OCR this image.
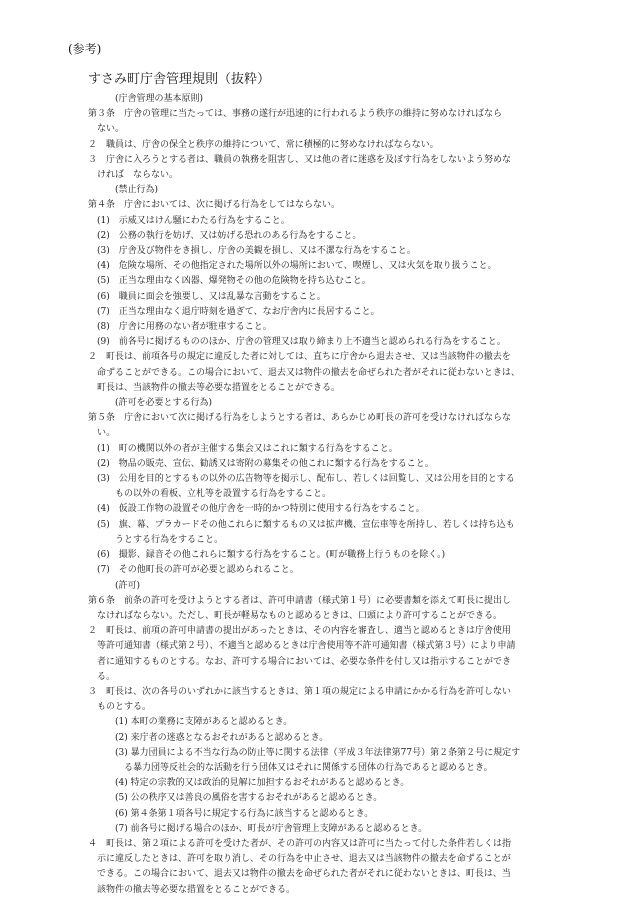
(参考)
すさみ町庁舎管理規則（抜粋）
(庁舎管理の基本原則)
第３条　庁舎の管理に当たっては、事務の遂行が迅速的に行われるよう秩序の維持に努めなければなら
ない。
２　職員は、庁舎の保全と秩序の維持について、常に積極的に努めなければならない。
３　庁舎に入ろうとする者は、職員の執務を阻害し、又は他の者に迷惑を及ぼす行為をしないよう努めな
ければ　ならない。
(禁止行為)
第４条　庁舎においては、次に掲げる行為をしてはならない。
(1)　示威又はけん騒にわたる行為をすること。
(2)　公務の執行を妨げ、又は妨げる恐れのある行為をすること。
(3)　庁舎及び物件をき損し、庁舎の美観を損し、又は不潔な行為をすること。
(4)　危険な場所、その他指定された場所以外の場所において、喫煙し、又は火気を取り扱うこと。
(5)　正当な理由なく凶器、爆発物その他の危険物を持ち込むこと。
(6)　職員に面会を強要し、又は乱暴な言動をすること。
(7)　正当な理由なく退庁時刻を過ぎて、なお庁舎内に長居すること。
(8)　庁舎に用務のない者が駐車すること。
(9)　前各号に掲げるもののほか、庁舎の管理又は取り締まり上不適当と認められる行為をすること。
２　町長は、前項各号の規定に違反した者に対しては、直ちに庁舎から退去させ、又は当該物件の撤去を
命ずることができる。この場合において、退去又は物件の撤去を命ぜられた者がそれに従わないときは、
町長は、当該物件の撤去等必要な措置をとることができる。
(許可を必要とする行為)
第５条　庁舎において次に掲げる行為をしようとする者は、あらかじめ町長の許可を受けなければならな
い。
(1)　町の機関以外の者が主催する集会又はこれに類する行為をすること。
(2)　物品の販売、宣伝、勧誘又は寄附の募集その他これに類する行為をすること。
(3)　公用を目的とするもの以外の広告物等を掲示し、配布し、若しくは回覧し、又は公用を目的とする
もの以外の看板、立札等を設置する行為をすること。
(4)　仮設工作物の設置その他庁舎を一時的かつ特別に使用する行為をすること。
(5)　旗、幕、プラカードその他これらに類するもの又は拡声機、宣伝車等を所持し、若しくは持ち込も
うとする行為をすること。
(6)　撮影、録音その他これらに類する行為をすること。(町が職務上行うものを除く。)
(7)　その他町長の許可が必要と認められること。
(許可)
第６条　前条の許可を受けようとする者は、許可申請書（様式第１号）に必要書類を添えて町長に提出し
なければならない。ただし、町長が軽易なものと認めるときは、口頭により許可することができる。
２　町長は、前項の許可申請書の提出があったときは、その内容を審査し、適当と認めるときは庁舎使用
等許可通知書（様式第２号）、不適当と認めるときは庁舎使用等不許可通知書（様式第３号）により申請
者に通知するものとする。なお、許可する場合においては、必要な条件を付し又は指示することができ
る。
３　町長は、次の各号のいずれかに該当するときは、第１項の規定による申請にかかる行為を許可しない
ものとする。
(1) 本町の業務に支障があると認めるとき。
(2) 来庁者の迷惑となるおそれがあると認めるとき。
(3) 暴力団員による不当な行為の防止等に関する法律（平成３年法律第77号）第２条第２号に規定す
る暴力団等反社会的な活動を行う団体又はそれに関係する団体の行為であると認めるとき。
(4) 特定の宗教的又は政治的見解に加担するおそれがあると認めるとき。
(5) 公の秩序又は善良の風俗を害するおそれがあると認めるとき。
(6) 第４条第１項各号に規定する行為に該当すると認めるとき。
(7) 前各号に掲げる場合のほか、町長が庁舎管理上支障があると認めるとき。
４　町長は、第２項による許可を受けた者が、その許可の内容又は許可に当たって付した条件若しくは指
示に違反したときは、許可を取り消し、その行為を中止させ、退去又は当該物件の撤去を命ずることが
できる。この場合において、退去又は物件の撤去を命ぜられた者がそれに従わないときは、町長は、当
該物件の撤去等必要な措置をとることができる。
